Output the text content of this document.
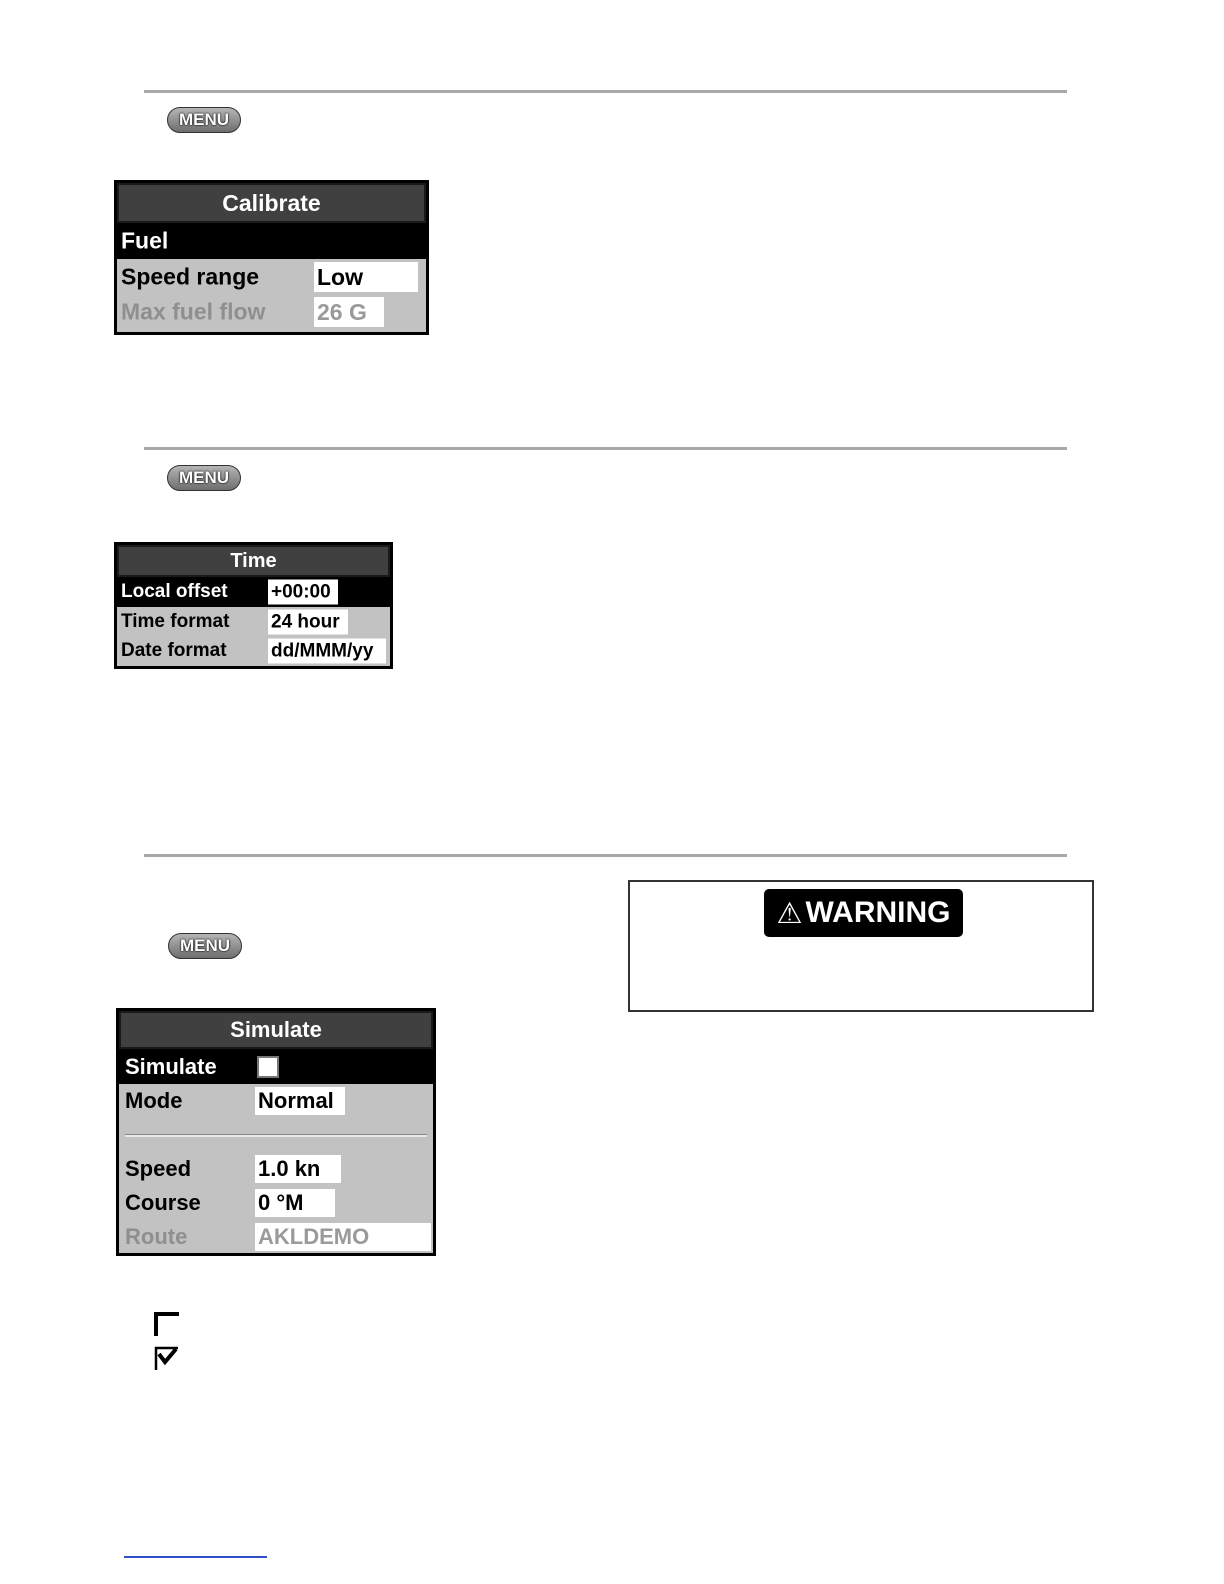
MENU
Calibrate
Fuel
Speed range	Low
Max fuel flow 26 G
MENU
Time
Local offset +00:00
Time format 24 hour
Date format dd/MMM/yy
MENU
⚠ WARNING
Simulate
Simulate
Mode	Normal
Speed	1.0 kn
Course	0 °M
Route	AKLDEMO
